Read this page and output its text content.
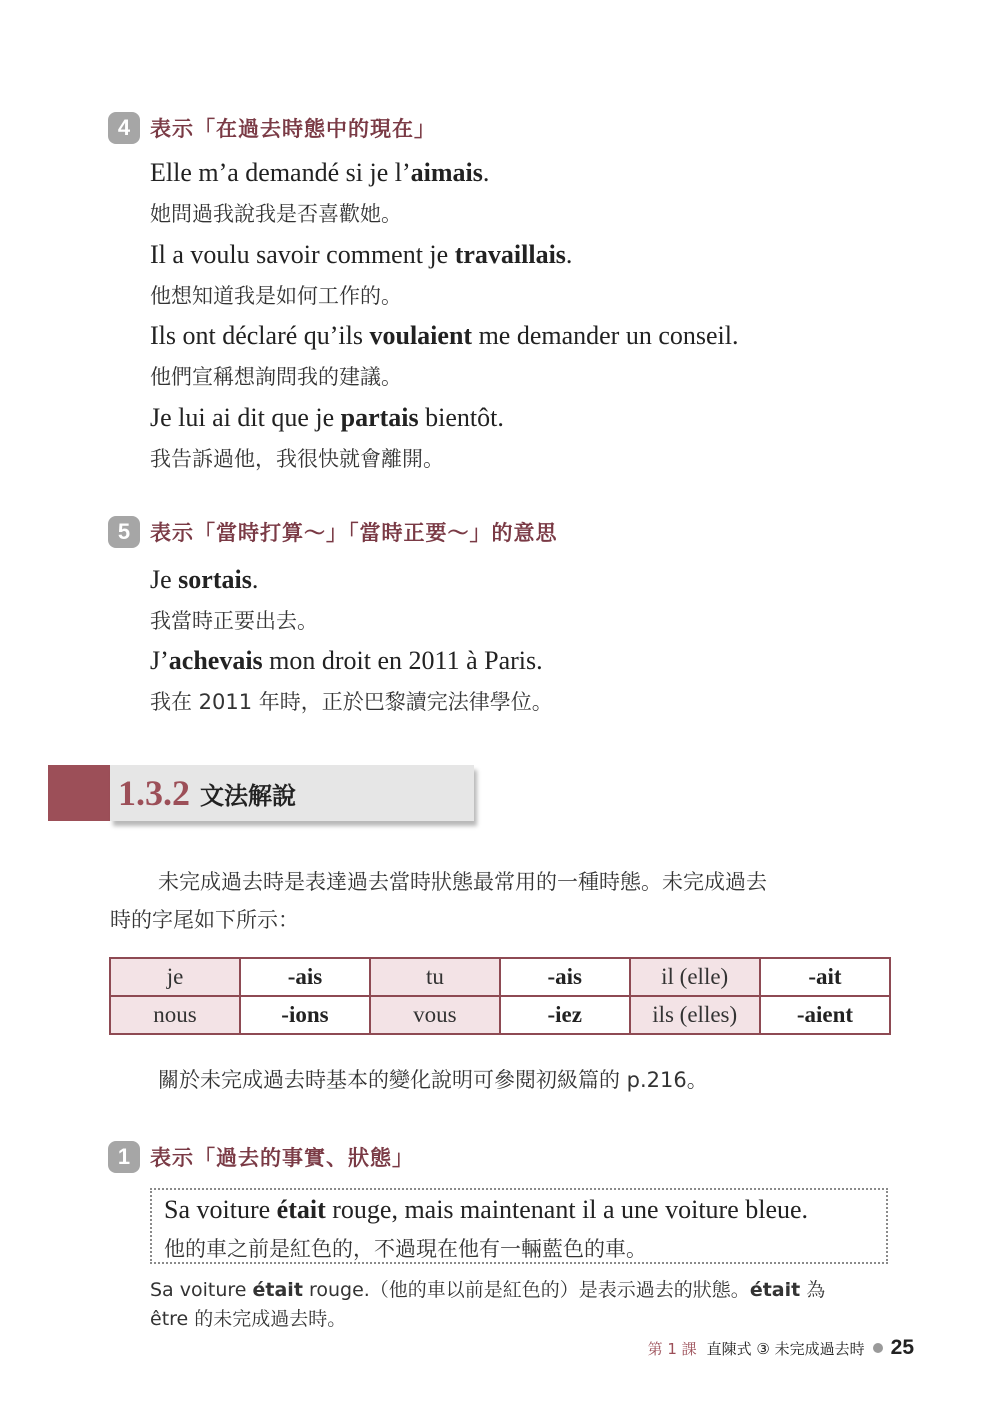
4 表示「在過去時態中的現在」
Elle m’a demandé si je l’aimais.
她問過我說我是否喜歡她。
Il a voulu savoir comment je travaillais.
他想知道我是如何工作的。
Ils ont déclaré qu’ils voulaient me demander un conseil.
他們宣稱想詢問我的建議。
Je lui ai dit que je partais bientôt.
我告訴過他，我很快就會離開。
5 表示「當時打算～」「當時正要～」的意思
Je sortais.
我當時正要出去。
J’achevais mon droit en 2011 à Paris.
我在 2011 年時，正於巴黎讀完法律學位。
1.3.2 文法解說
未完成過去時是表達過去當時狀態最常用的一種時態。未完成過去
時的字尾如下所示：
je	-ais	tu	-ais	il (elle)	-ait
nous	-ions	vous	-iez	ils (elles)	-aient
關於未完成過去時基本的變化說明可參閱初級篇的 p.216。
1 表示「過去的事實、狀態」
Sa voiture était rouge, mais maintenant il a une voiture bleue.
他的車之前是紅色的，不過現在他有一輛藍色的車。
Sa voiture était rouge.（他的車以前是紅色的）是表示過去的狀態。était 為
être 的未完成過去時。
第 1 課 直陳式 ③ 未完成過去時 25
